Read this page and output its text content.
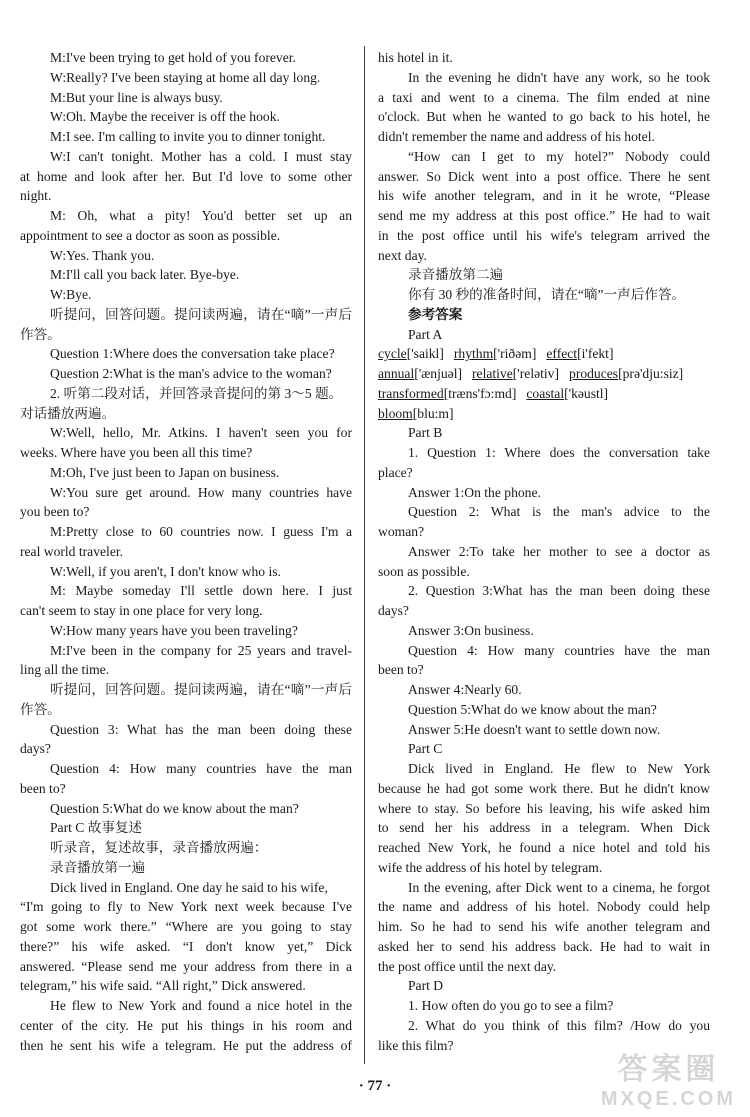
M:I've been trying to get hold of you forever.
W:Really? I've been staying at home all day long.
M:But your line is always busy.
W:Oh. Maybe the receiver is off the hook.
M:I see. I'm calling to invite you to dinner tonight.
W:I can't tonight. Mother has a cold. I must stay
at home and look after her. But I'd love to some other
night.
M: Oh, what a pity! You'd better set up an
appointment to see a doctor as soon as possible.
W:Yes. Thank you.
M:I'll call you back later. Bye-bye.
W:Bye.
听提问，回答问题。提问读两遍，请在“嘀”一声后
作答。
Question 1:Where does the conversation take place?
Question 2:What is the man's advice to the woman?
2. 听第二段对话，并回答录音提问的第 3～5 题。
对话播放两遍。
W:Well, hello, Mr. Atkins. I haven't seen you for
weeks. Where have you been all this time?
M:Oh, I've just been to Japan on business.
W:You sure get around. How many countries have
you been to?
M:Pretty close to 60 countries now. I guess I'm a
real world traveler.
W:Well, if you aren't, I don't know who is.
M: Maybe someday I'll settle down here. I just
can't seem to stay in one place for very long.
W:How many years have you been traveling?
M:I've been in the company for 25 years and travel-
ling all the time.
听提问，回答问题。提问读两遍，请在“嘀”一声后
作答。
Question 3: What has the man been doing these
days?
Question 4: How many countries have the man
been to?
Question 5:What do we know about the man?
Part C 故事复述
听录音，复述故事，录音播放两遍：
录音播放第一遍
Dick lived in England. One day he said to his wife,
“I'm going to fly to New York next week because I've
got some work there.” “Where are you going to stay
there?” his wife asked. “I don't know yet,” Dick
answered. “Please send me your address from there in a
telegram,” his wife said. “All right,” Dick answered.
He flew to New York and found a nice hotel in the
center of the city. He put his things in his room and
then he sent his wife a telegram. He put the address of
his hotel in it.
In the evening he didn't have any work, so he took
a taxi and went to a cinema. The film ended at nine
o'clock. But when he wanted to go back to his hotel, he
didn't remember the name and address of his hotel.
“How can I get to my hotel?” Nobody could
answer. So Dick went into a post office. There he sent
his wife another telegram, and in it he wrote, “Please
send me my address at this post office.” He had to wait
in the post office until his wife's telegram arrived the
next day.
录音播放第二遍
你有 30 秒的准备时间，请在“嘀”一声后作答。
参考答案
Part A
cycle['saikl] rhythm['riðəm] effect[i'fekt]
annual['ænjuəl] relative['relətiv] produces[prə'dju:siz]
transformed[træns'fɔ:md] coastal['kəustl]
bloom[blu:m]
Part B
1. Question 1: Where does the conversation take
place?
Answer 1:On the phone.
Question 2: What is the man's advice to the
woman?
Answer 2:To take her mother to see a doctor as
soon as possible.
2. Question 3:What has the man been doing these
days?
Answer 3:On business.
Question 4: How many countries have the man
been to?
Answer 4:Nearly 60.
Question 5:What do we know about the man?
Answer 5:He doesn't want to settle down now.
Part C
Dick lived in England. He flew to New York
because he had got some work there. But he didn't know
where to stay. So before his leaving, his wife asked him
to send her his address in a telegram. When Dick
reached New York, he found a nice hotel and told his
wife the address of his hotel by telegram.
In the evening, after Dick went to a cinema, he forgot
the name and address of his hotel. Nobody could help
him. So he had to send his wife another telegram and
asked her to send his address back. He had to wait in
the post office until the next day.
Part D
1. How often do you go to see a film?
2. What do you think of this film? /How do you
like this film?
· 77 ·	答案圈
MXQE.COM
